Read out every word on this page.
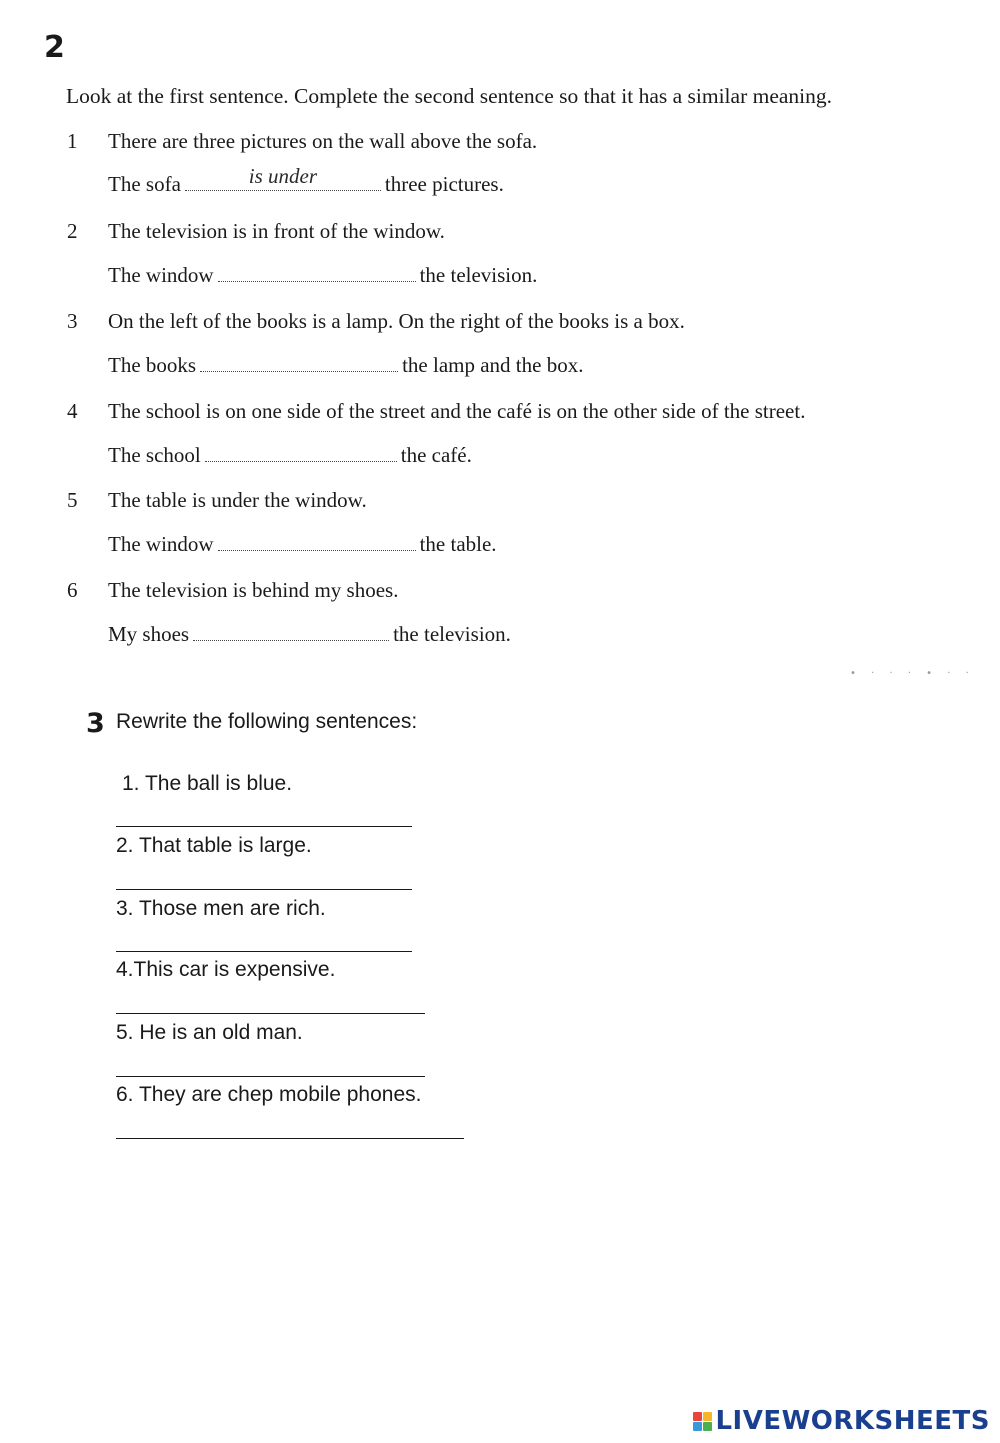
2
Look at the first sentence. Complete the second sentence so that it has a similar meaning.
1 There are three pictures on the wall above the sofa.
The sofa	is under	three pictures.
2 The television is in front of the window.
The window	the television.
3 On the left of the books is a lamp. On the right of the books is a box.
The books	the lamp and the box.
4 The school is on one side of the street and the café is on the other side of the street.
The school	the café.
5 The table is under the window.
The window	the table.
6 The television is behind my shoes.
My shoes	the television.
• · · · • · ·
3 Rewrite the following sentences:
1. The ball is blue.
2. That table is large.
3. Those men are rich.
4.This car is expensive.
5. He is an old man.
6. They are chep mobile phones.
LIVEWORKSHEETS
